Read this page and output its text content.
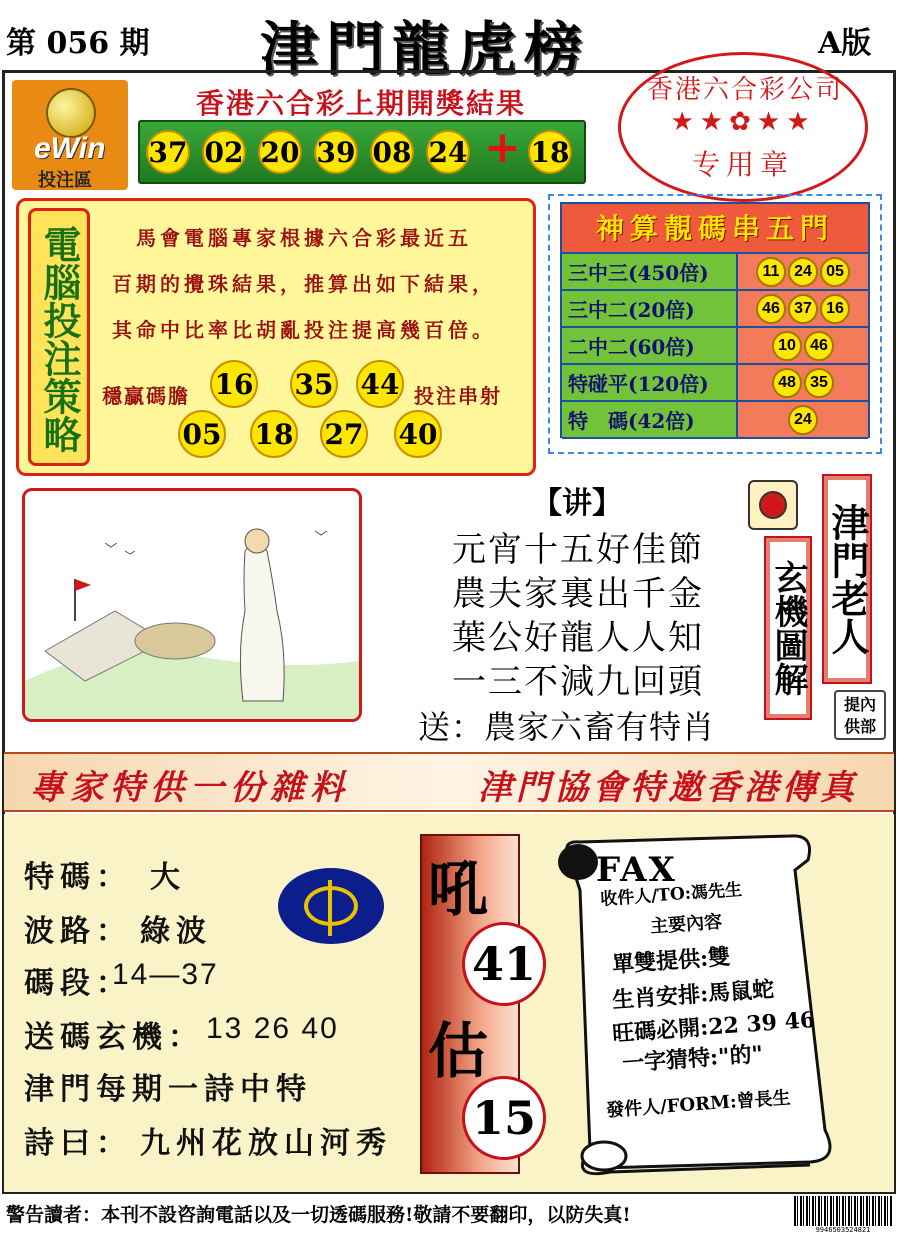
第 056 期 津門龍虎榜	A版
eWin
投注區
香港六合彩上期開獎結果
37 02 20 39 08 24 + 18
香港六合彩公司
★★✿★★
专用章
電腦投注策略	馬會電腦專家根據六合彩最近五
百期的攪珠結果，推算出如下結果，
其命中比率比胡亂投注提高幾百倍。
穩贏碼膽	投注串射
16 35 44
05 18 27 40
神算靚碼串五門
三中三(450倍)	11 24 05
三中二(20倍)	46 37 16
二中二(60倍)	10 46
特碰平(120倍)	48 35
特　碼(42倍)	24
【讲】
元宵十五好佳節
農夫家裏出千金
葉公好龍人人知
一三不減九回頭
送：農家六畜有特肖
玄機圖解 津門老人
提內
供部
專家特供一份雜料	津門協會特邀香港傳真
特碼： 大
波路： 綠波
碼段：
14—37
送碼玄機： 13 26 40
津門每期一詩中特
詩曰： 九州花放山河秀
吼
41
估
15
FAX
收件人/TO:馮先生
主要內容
單雙提供:雙
生肖安排:馬鼠蛇
旺碼必開:22 39 46
一字猜特:"的"
發件人/FORM:曾長生
警告讀者：本刊不設咨詢電話以及一切透碼服務!敬請不要翻印，以防失真!
9946503524821
